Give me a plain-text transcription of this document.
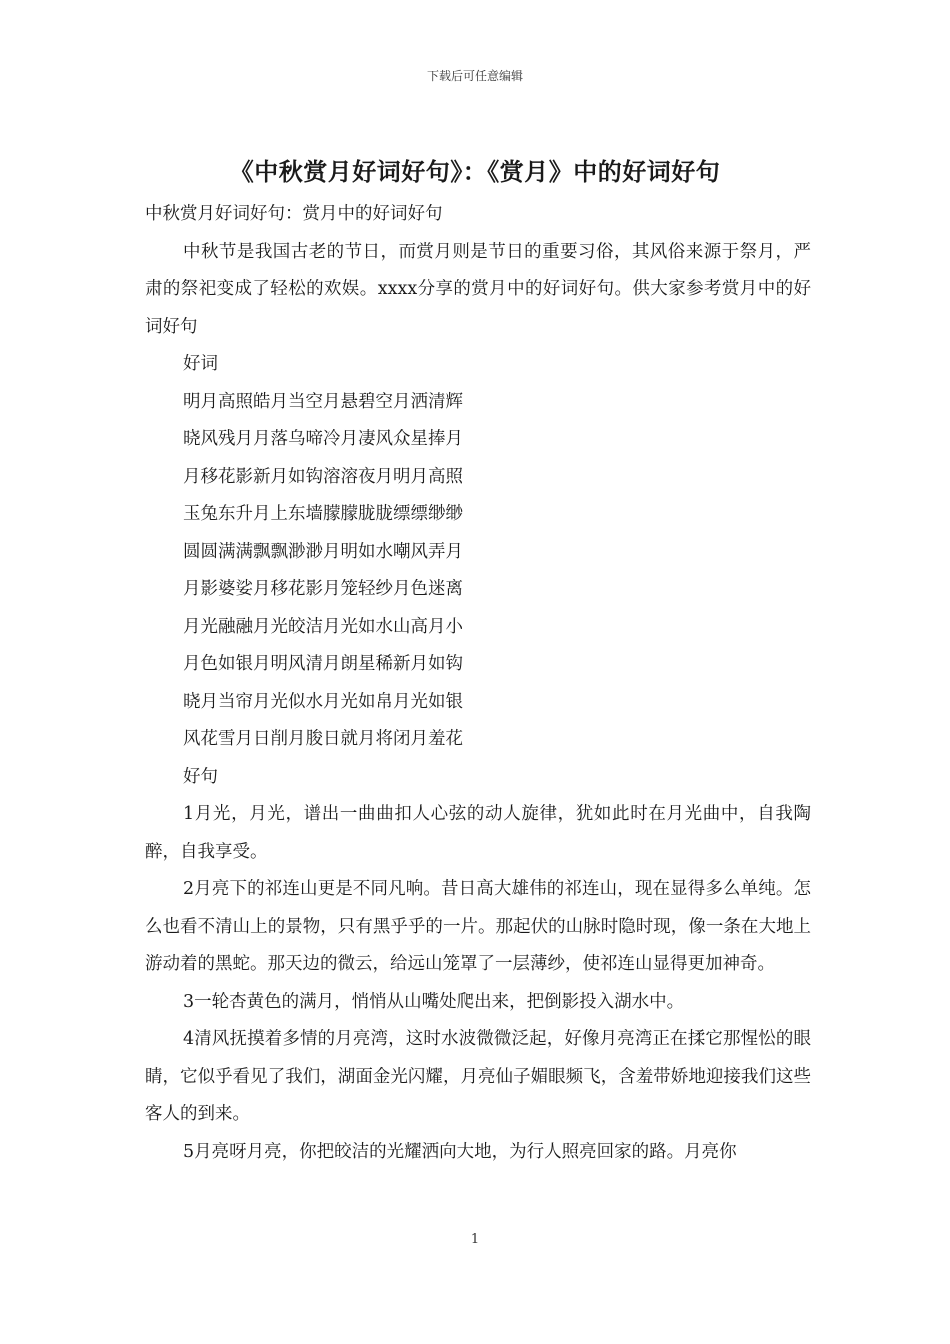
下载后可任意编辑
《中秋赏月好词好句》：《赏月》中的好词好句

中秋赏月好词好句：赏月中的好词好句

中秋节是我国古老的节日，而赏月则是节日的重要习俗，其风俗来源于祭月，严肃的祭祀变成了轻松的欢娱。xxxx分享的赏月中的好词好句。供大家参考赏月中的好词好句

好词

明月高照皓月当空月悬碧空月洒清辉

晓风残月月落乌啼冷月凄风众星捧月

月移花影新月如钩溶溶夜月明月高照

玉兔东升月上东墙朦朦胧胧缥缥缈缈

圆圆满满飘飘渺渺月明如水嘲风弄月

月影婆娑月移花影月笼轻纱月色迷离

月光融融月光皎洁月光如水山高月小

月色如银月明风清月朗星稀新月如钩

晓月当帘月光似水月光如帛月光如银

风花雪月日削月朘日就月将闭月羞花

好句

1月光，月光，谱出一曲曲扣人心弦的动人旋律，犹如此时在月光曲中，自我陶醉，自我享受。

2月亮下的祁连山更是不同凡响。昔日高大雄伟的祁连山，现在显得多么单纯。怎么也看不清山上的景物，只有黑乎乎的一片。那起伏的山脉时隐时现，像一条在大地上游动着的黑蛇。那天边的微云，给远山笼罩了一层薄纱，使祁连山显得更加神奇。

3一轮杏黄色的满月，悄悄从山嘴处爬出来，把倒影投入湖水中。

4清风抚摸着多情的月亮湾，这时水波微微泛起，好像月亮湾正在揉它那惺忪的眼睛，它似乎看见了我们，湖面金光闪耀，月亮仙子媚眼频飞，含羞带娇地迎接我们这些客人的到来。

5月亮呀月亮，你把皎洁的光耀洒向大地，为行人照亮回家的路。月亮你

1
